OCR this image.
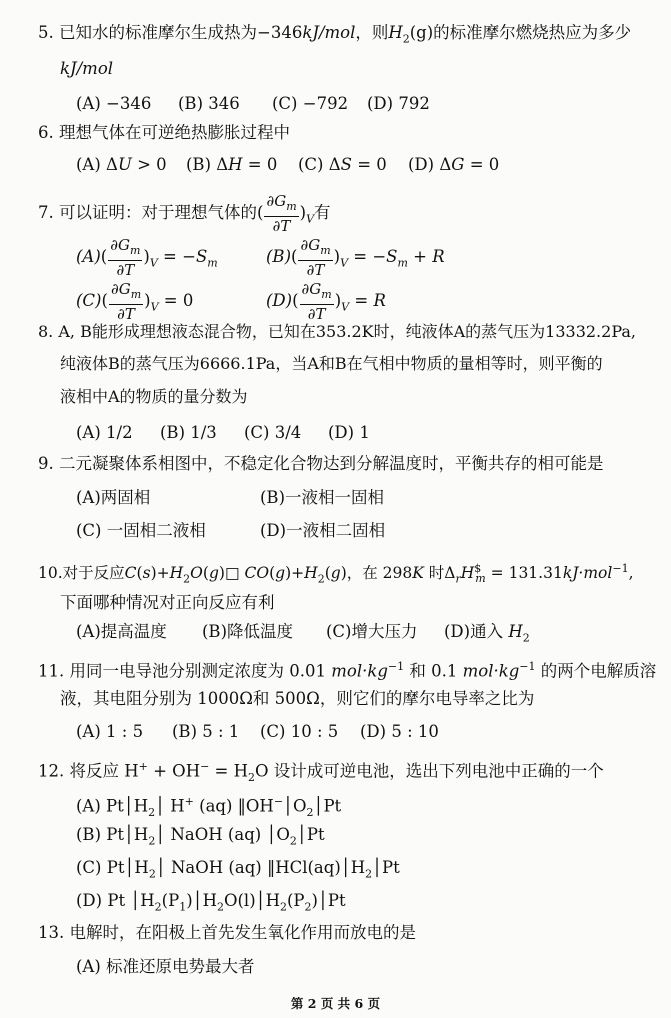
5. 已知水的标准摩尔生成热为−346kJ/mol，则$H_2(g)$的标准摩尔燃烧热应为多少
kJ/mol
(A) −346	(B) 346	(C) −792	(D) 792
6. 理想气体在可逆绝热膨胀过程中
(A) ΔU > 0	(B) ΔH = 0	(C) ΔS = 0	(D) ΔG = 0
7. 可以证明：对于理想气体的( $\frac{\partial G_m}{\partial T} )_V$有
$(A)( \frac{\partial G_m}{\partial T} )_V = -S_m$	$(B)( \frac{\partial G_m}{\partial T} )_V = -S_m + R$
$(C)( \frac{\partial G_m}{\partial T} )_V = 0$	$(D)( \frac{\partial G_m}{\partial T} )_V = R$
8. A, B能形成理想液态混合物，已知在353.2K时，纯液体A的蒸气压为13332.2Pa,
纯液体B的蒸气压为6666.1Pa，当A和B在气相中物质的量相等时，则平衡的
液相中A的物质的量分数为
(A) 1/2	(B) 1/3	(C) 3/4	(D) 1
9. 二元凝聚体系相图中，不稳定化合物达到分解温度时，平衡共存的相可能是
(A)两固相	(B)一液相一固相
(C) 一固相二液相	(D)一液相二固相
10.对于反应$C(s)+H_2O(g)□$ $CO(g)+H_2(g)$，在 298K 时$\Delta_rH^{\$}_m = 131.31kJ\cdot mol^{-1}$,
下面哪种情况对正向反应有利
(A)提高温度	(B)降低温度	(C)增大压力	(D)通入 $H_2$
11. 用同一电导池分别测定浓度为 0.01 $mol\cdot kg^{-1}$ 和 0.1 $mol\cdot kg^{-1}$ 的两个电解质溶
液，其电阻分别为 1000Ω和 500Ω，则它们的摩尔电导率之比为
(A) 1 : 5	(B) 5 : 1	(C) 10 : 5	(D) 5 : 10
12. 将反应 $H^+ + OH^- = H_2O$ 设计成可逆电池，选出下列电池中正确的一个
(A) $Pt│H_2│$ H+ (aq) $‖OH^-│O_2│Pt$
(B) $Pt│H_2│$ NaOH (aq) $│O_2│Pt$
(C) $Pt│H_2│$ NaOH (aq) $‖HCl(aq)│H_2│Pt$
(D) Pt $│H_2(P_1)│H_2O(l)│H_2(P_2)│Pt$
13. 电解时，在阳极上首先发生氧化作用而放电的是
(A) 标准还原电势最大者
第 2 页 共 6 页
